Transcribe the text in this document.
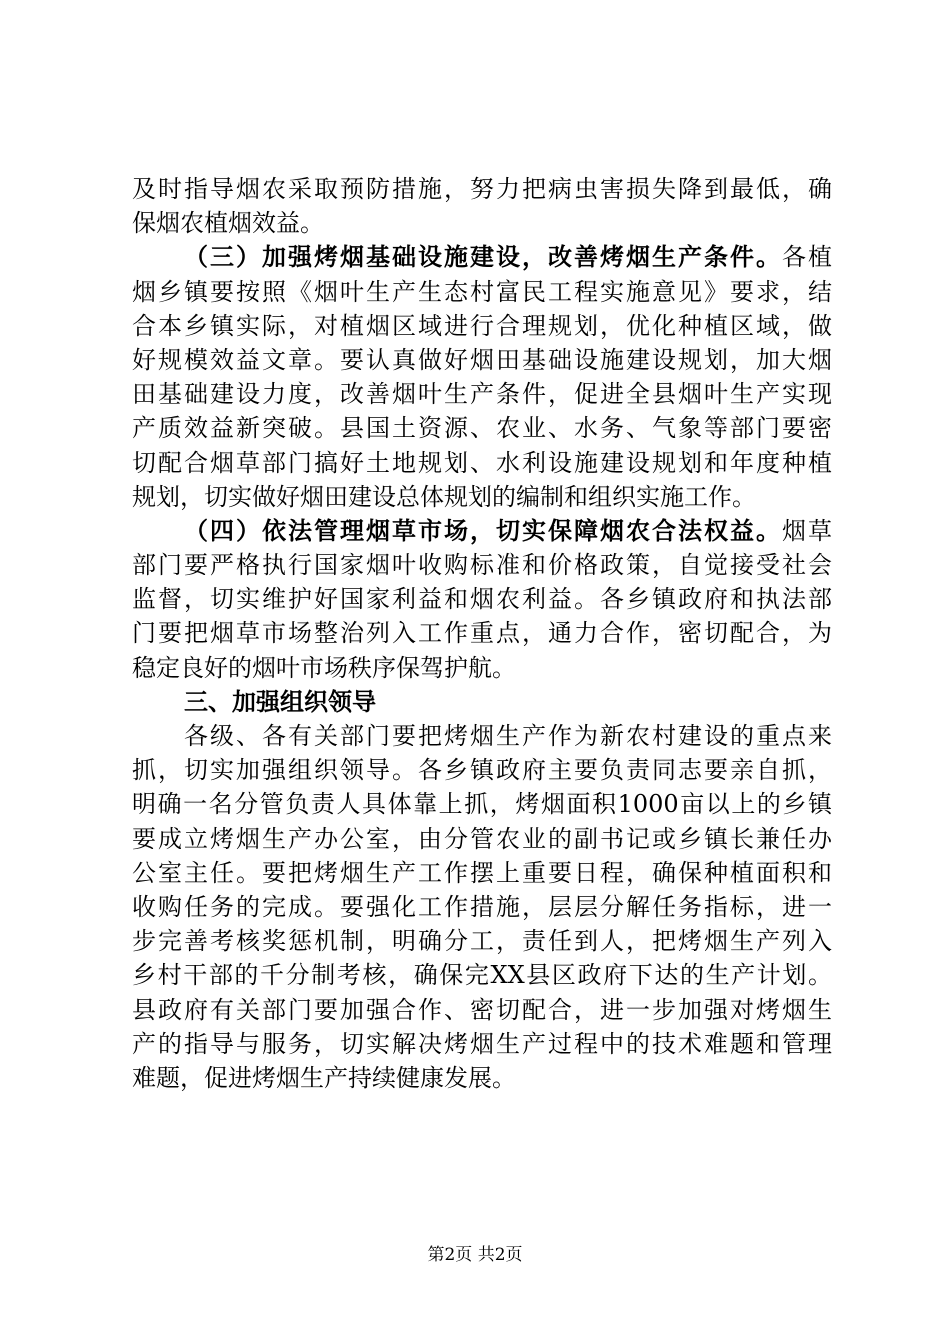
及时指导烟农采取预防措施，努力把病虫害损失降到最低，确
保烟农植烟效益。
（三）加强烤烟基础设施建设，改善烤烟生产条件。各植
烟乡镇要按照《烟叶生产生态村富民工程实施意见》要求，结
合本乡镇实际，对植烟区域进行合理规划，优化种植区域，做
好规模效益文章。要认真做好烟田基础设施建设规划，加大烟
田基础建设力度，改善烟叶生产条件，促进全县烟叶生产实现
产质效益新突破。县国土资源、农业、水务、气象等部门要密
切配合烟草部门搞好土地规划、水利设施建设规划和年度种植
规划，切实做好烟田建设总体规划的编制和组织实施工作。
（四）依法管理烟草市场，切实保障烟农合法权益。烟草
部门要严格执行国家烟叶收购标准和价格政策，自觉接受社会
监督，切实维护好国家利益和烟农利益。各乡镇政府和执法部
门要把烟草市场整治列入工作重点，通力合作，密切配合，为
稳定良好的烟叶市场秩序保驾护航。
三、加强组织领导
各级、各有关部门要把烤烟生产作为新农村建设的重点来
抓，切实加强组织领导。各乡镇政府主要负责同志要亲自抓，
明确一名分管负责人具体靠上抓，烤烟面积1000亩以上的乡镇
要成立烤烟生产办公室，由分管农业的副书记或乡镇长兼任办
公室主任。要把烤烟生产工作摆上重要日程，确保种植面积和
收购任务的完成。要强化工作措施，层层分解任务指标，进一
步完善考核奖惩机制，明确分工，责任到人，把烤烟生产列入
乡村干部的千分制考核，确保完XX县区政府下达的生产计划。
县政府有关部门要加强合作、密切配合，进一步加强对烤烟生
产的指导与服务，切实解决烤烟生产过程中的技术难题和管理
难题，促进烤烟生产持续健康发展。
第2页 共2页
